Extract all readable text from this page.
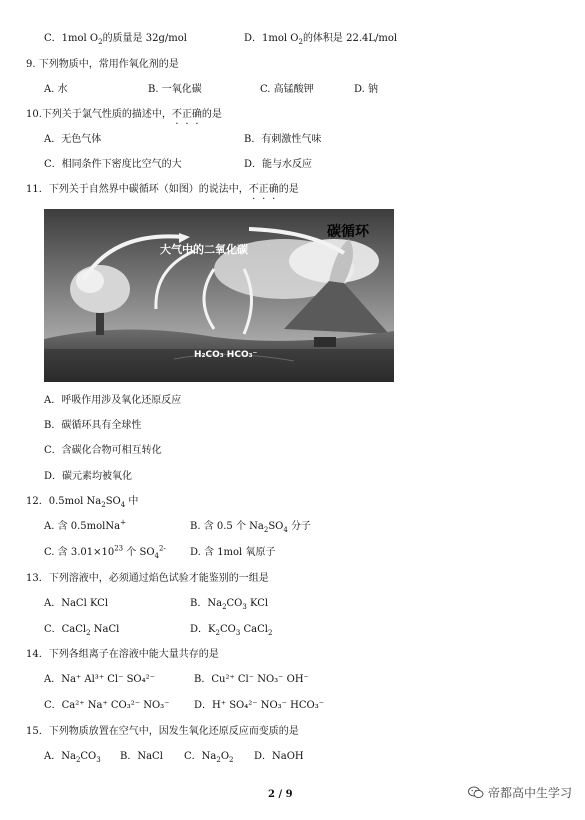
C．1mol $O_2$的质量是 32g/mol	D．1mol $O_2$的体积是 22.4L/mol
9. 下列物质中，常用作氧化剂的是
A. 水	B. 一氧化碳	C. 高锰酸钾	D. 钠
10.下列关于氯气性质的描述中，不正确的是
A．无色气体	B．有刺激性气味
C．相同条件下密度比空气的大	D．能与水反应
11．下列关于自然界中碳循环（如图）的说法中，不正确的是
大气中的二氧化碳
碳循环
H₂CO₃ HCO₃⁻
A．呼吸作用涉及氧化还原反应
B．碳循环具有全球性
C．含碳化合物可相互转化
D．碳元素均被氧化
12．0.5mol $Na_2SO_4$ 中
A. 含 0.5molNa+	B. 含 0.5 个 $Na_2SO_4$ 分子
C. 含 $3.01\times 10^{23}$ 个 $SO_4^{2-}$ D. 含 1mol 氧原子
13．下列溶液中，必须通过焰色试验才能鉴别的一组是
A．NaCl KCl	B．$Na_2CO_3$ KCl
C．CaCl$_2$ NaCl	D．$K_2CO_3$ CaCl$_2$
14．下列各组离子在溶液中能大量共存的是
A．Na⁺ Al³⁺ Cl⁻ SO₄²⁻	B．Cu²⁺ Cl⁻ NO₃⁻ OH⁻
C．Ca²⁺ Na⁺ CO₃²⁻ NO₃⁻ D．H⁺ SO₄²⁻ NO₃⁻ HCO₃⁻
15．下列物质放置在空气中，因发生氧化还原反应而变质的是
A．$Na_2CO_3$ B．NaCl C．$Na_2O_2$ D．NaOH
2 / 9	帝都高中生学习
